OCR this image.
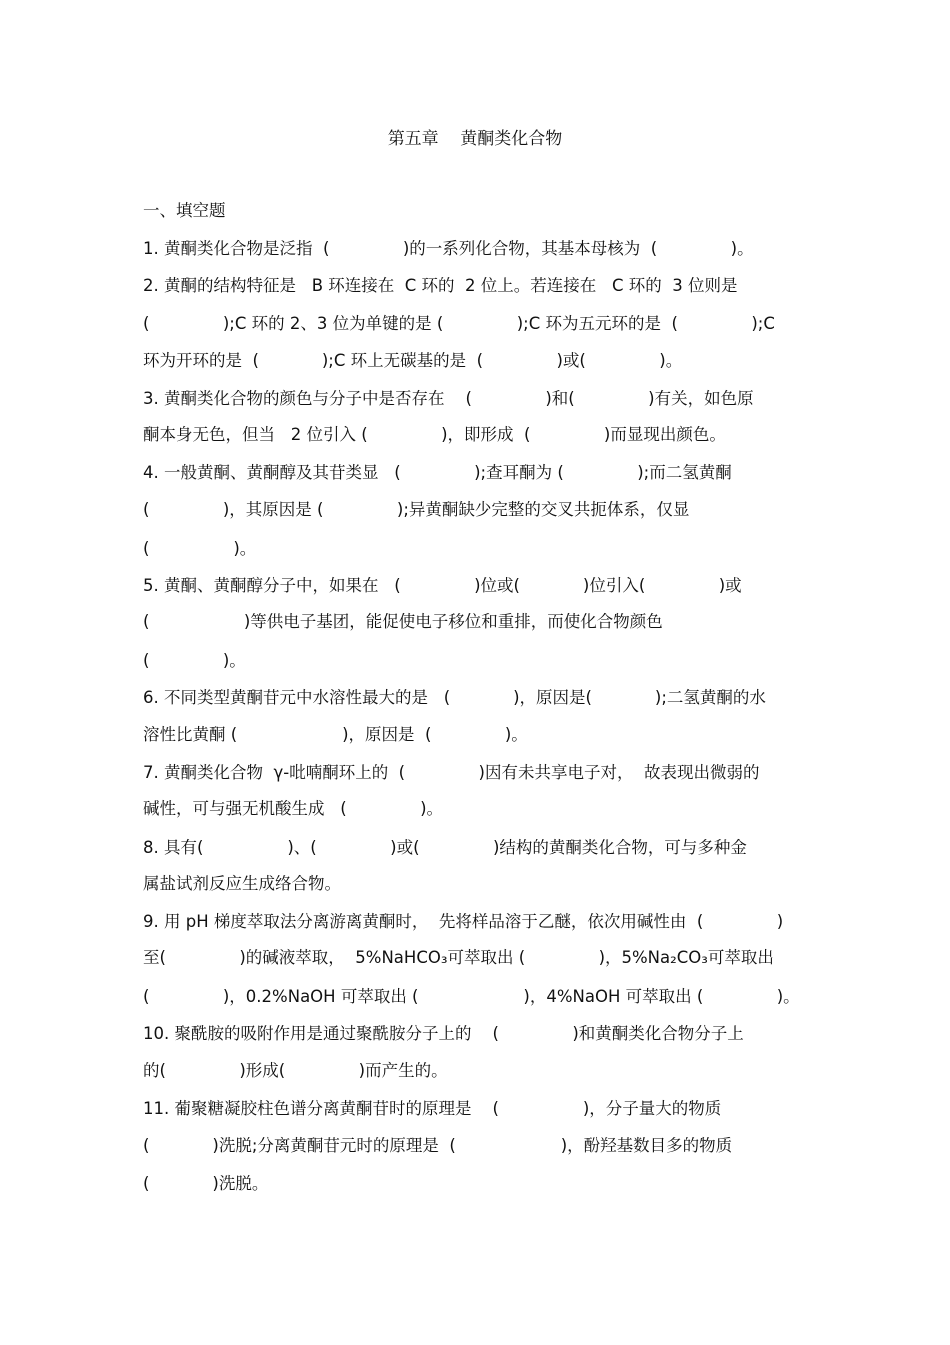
第五章    黄酮类化合物
一、填空题
1. 黄酮类化合物是泛指  (              )的一系列化合物，其基本母核为  (              )。
2. 黄酮的结构特征是   B 环连接在  C 环的  2 位上。若连接在   C 环的  3 位则是
(              );C 环的 2、3 位为单键的是 (              );C 环为五元环的是  (              );C
环为开环的是  (            );C 环上无碳基的是  (              )或(              )。
3. 黄酮类化合物的颜色与分子中是否存在    (              )和(              )有关，如色原
酮本身无色，但当   2 位引入 (              )，即形成  (              )而显现出颜色。
4. 一般黄酮、黄酮醇及其苷类显   (              );查耳酮为 (              );而二氢黄酮
(              )，其原因是 (              );异黄酮缺少完整的交叉共扼体系，仅显
(                )。
5. 黄酮、黄酮醇分子中，如果在   (              )位或(            )位引入(              )或
(                  )等供电子基团，能促使电子移位和重排，而使化合物颜色
(              )。
6. 不同类型黄酮苷元中水溶性最大的是   (            )，原因是(            );二氢黄酮的水
溶性比黄酮 (                    )，原因是  (              )。
7. 黄酮类化合物  γ-吡喃酮环上的  (              )因有未共享电子对，  故表现出微弱的
碱性，可与强无机酸生成   (              )。
8. 具有(                )、(              )或(              )结构的黄酮类化合物，可与多种金
属盐试剂反应生成络合物。
9. 用 pH 梯度萃取法分离游离黄酮时，  先将样品溶于乙醚，依次用碱性由  (              )
至(              )的碱液萃取，  5%NaHCO₃可萃取出 (              )，5%Na₂CO₃可萃取出
(              )，0.2%NaOH 可萃取出 (                    )，4%NaOH 可萃取出 (              )。
10. 聚酰胺的吸附作用是通过聚酰胺分子上的    (              )和黄酮类化合物分子上
的(              )形成(              )而产生的。
11. 葡聚糖凝胶柱色谱分离黄酮苷时的原理是    (                )，分子量大的物质
(            )洗脱;分离黄酮苷元时的原理是  (                    )，酚羟基数目多的物质
(            )洗脱。
